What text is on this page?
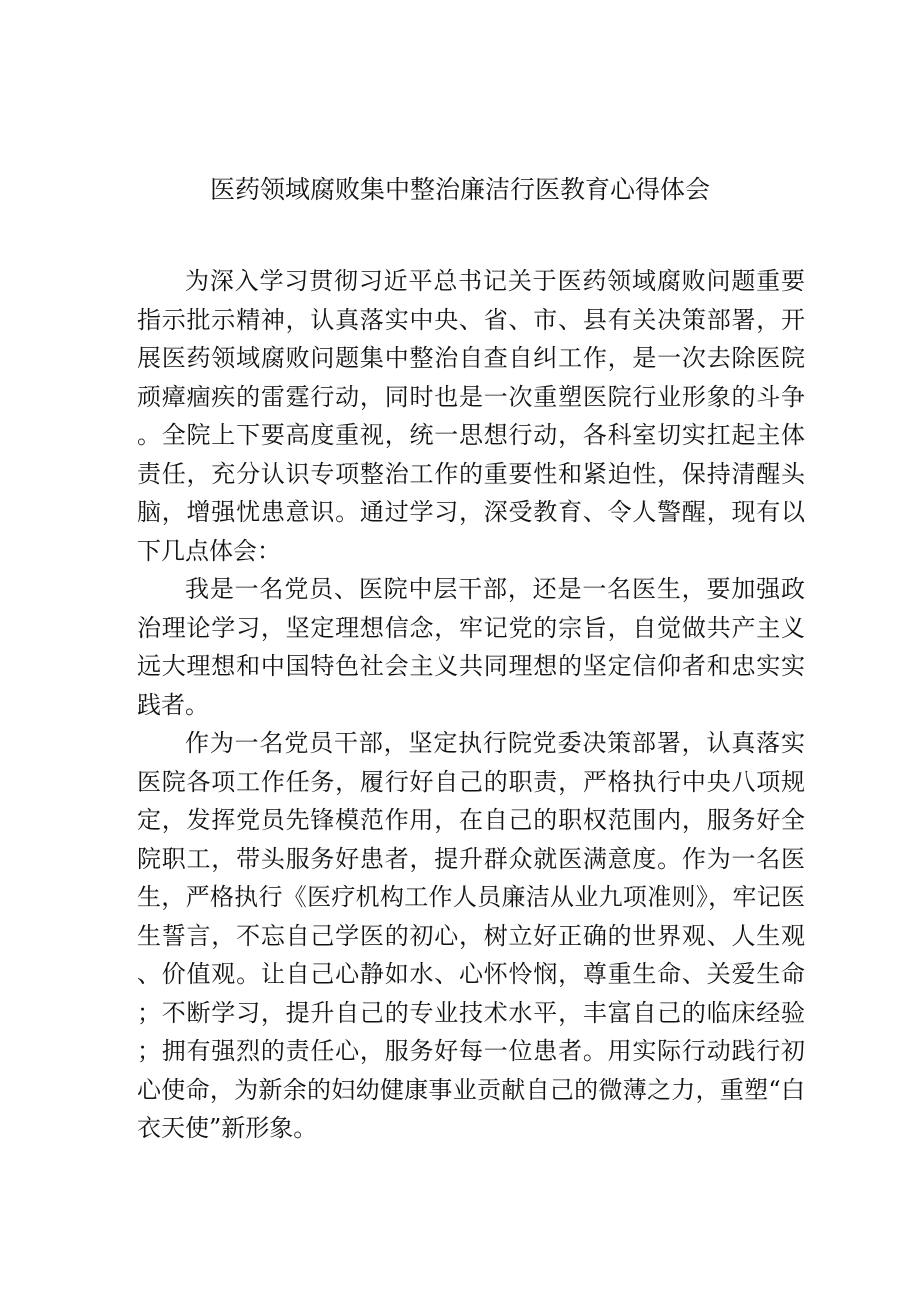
医药领域腐败集中整治廉洁行医教育心得体会

为深入学习贯彻习近平总书记关于医药领域腐败问题重要指示批示精神，认真落实中央、省、市、县有关决策部署，开展医药领域腐败问题集中整治自查自纠工作，是一次去除医院顽瘴痼疾的雷霆行动，同时也是一次重塑医院行业形象的斗争。全院上下要高度重视，统一思想行动，各科室切实扛起主体责任，充分认识专项整治工作的重要性和紧迫性，保持清醒头脑，增强忧患意识。通过学习，深受教育、令人警醒，现有以下几点体会：

我是一名党员、医院中层干部，还是一名医生，要加强政治理论学习，坚定理想信念，牢记党的宗旨，自觉做共产主义远大理想和中国特色社会主义共同理想的坚定信仰者和忠实实践者。

作为一名党员干部，坚定执行院党委决策部署，认真落实医院各项工作任务，履行好自己的职责，严格执行中央八项规定，发挥党员先锋模范作用，在自己的职权范围内，服务好全院职工，带头服务好患者，提升群众就医满意度。作为一名医生，严格执行《医疗机构工作人员廉洁从业九项准则》，牢记医生誓言，不忘自己学医的初心，树立好正确的世界观、人生观、价值观。让自己心静如水、心怀怜悯，尊重生命、关爱生命；不断学习，提升自己的专业技术水平，丰富自己的临床经验；拥有强烈的责任心，服务好每一位患者。用实际行动践行初心使命，为新余的妇幼健康事业贡献自己的微薄之力，重塑“白衣天使”新形象。
